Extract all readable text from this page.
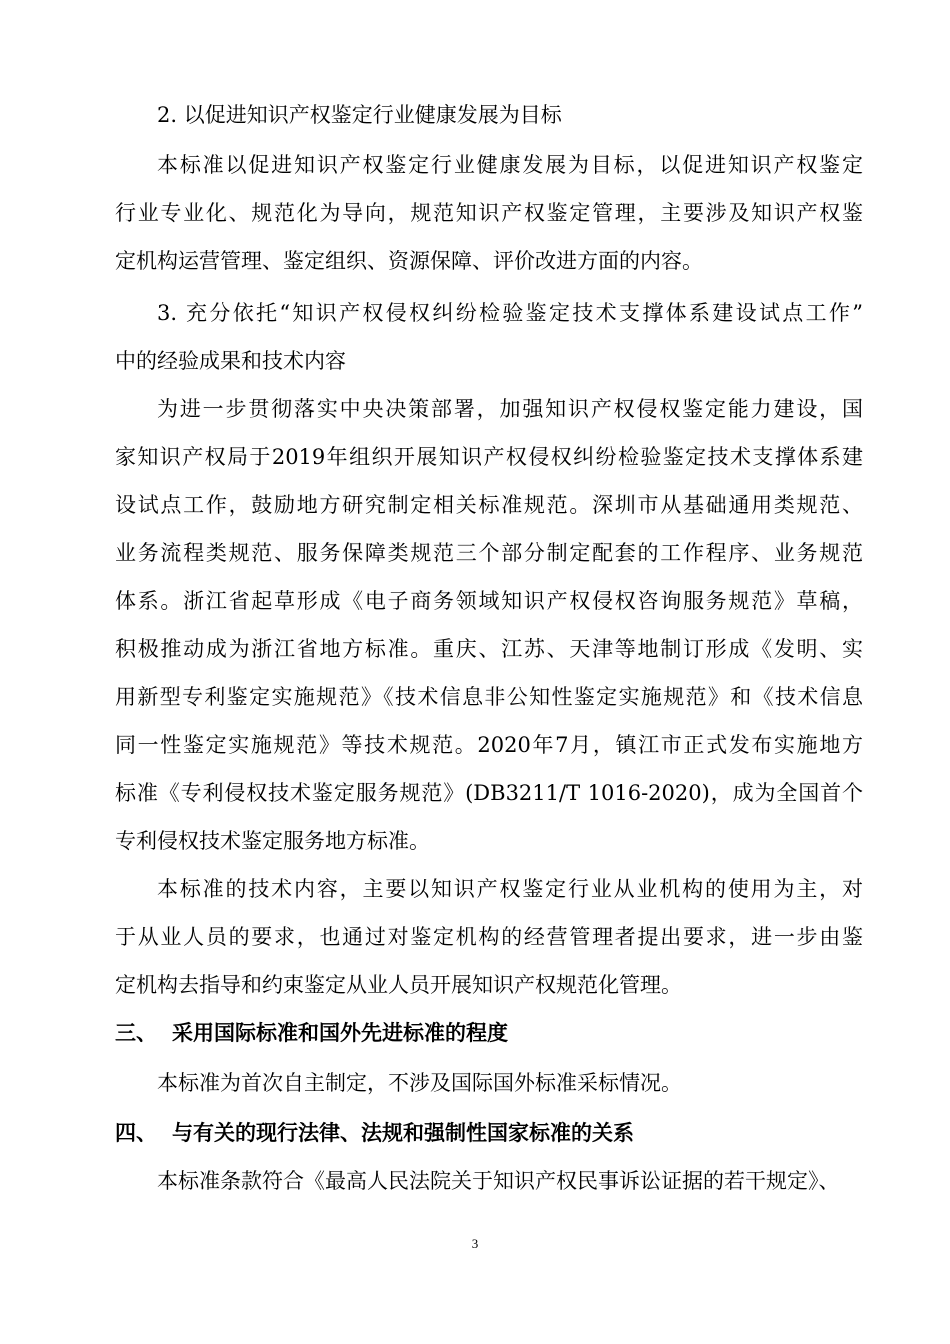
2. 以促进知识产权鉴定行业健康发展为目标
本标准以促进知识产权鉴定行业健康发展为目标，以促进知识产权鉴定
行业专业化、规范化为导向，规范知识产权鉴定管理，主要涉及知识产权鉴
定机构运营管理、鉴定组织、资源保障、评价改进方面的内容。
3. 充分依托“知识产权侵权纠纷检验鉴定技术支撑体系建设试点工作”
中的经验成果和技术内容
为进一步贯彻落实中央决策部署，加强知识产权侵权鉴定能力建设，国
家知识产权局于2019年组织开展知识产权侵权纠纷检验鉴定技术支撑体系建
设试点工作，鼓励地方研究制定相关标准规范。深圳市从基础通用类规范、
业务流程类规范、服务保障类规范三个部分制定配套的工作程序、业务规范
体系。浙江省起草形成《电子商务领域知识产权侵权咨询服务规范》草稿，
积极推动成为浙江省地方标准。重庆、江苏、天津等地制订形成《发明、实
用新型专利鉴定实施规范》《技术信息非公知性鉴定实施规范》和《技术信息
同一性鉴定实施规范》等技术规范。2020年7月，镇江市正式发布实施地方
标准《专利侵权技术鉴定服务规范》(DB3211/T 1016-2020)，成为全国首个
专利侵权技术鉴定服务地方标准。
本标准的技术内容，主要以知识产权鉴定行业从业机构的使用为主，对
于从业人员的要求，也通过对鉴定机构的经营管理者提出要求，进一步由鉴
定机构去指导和约束鉴定从业人员开展知识产权规范化管理。
三、 采用国际标准和国外先进标准的程度
本标准为首次自主制定，不涉及国际国外标准采标情况。
四、 与有关的现行法律、法规和强制性国家标准的关系
本标准条款符合《最高人民法院关于知识产权民事诉讼证据的若干规定》、
3
